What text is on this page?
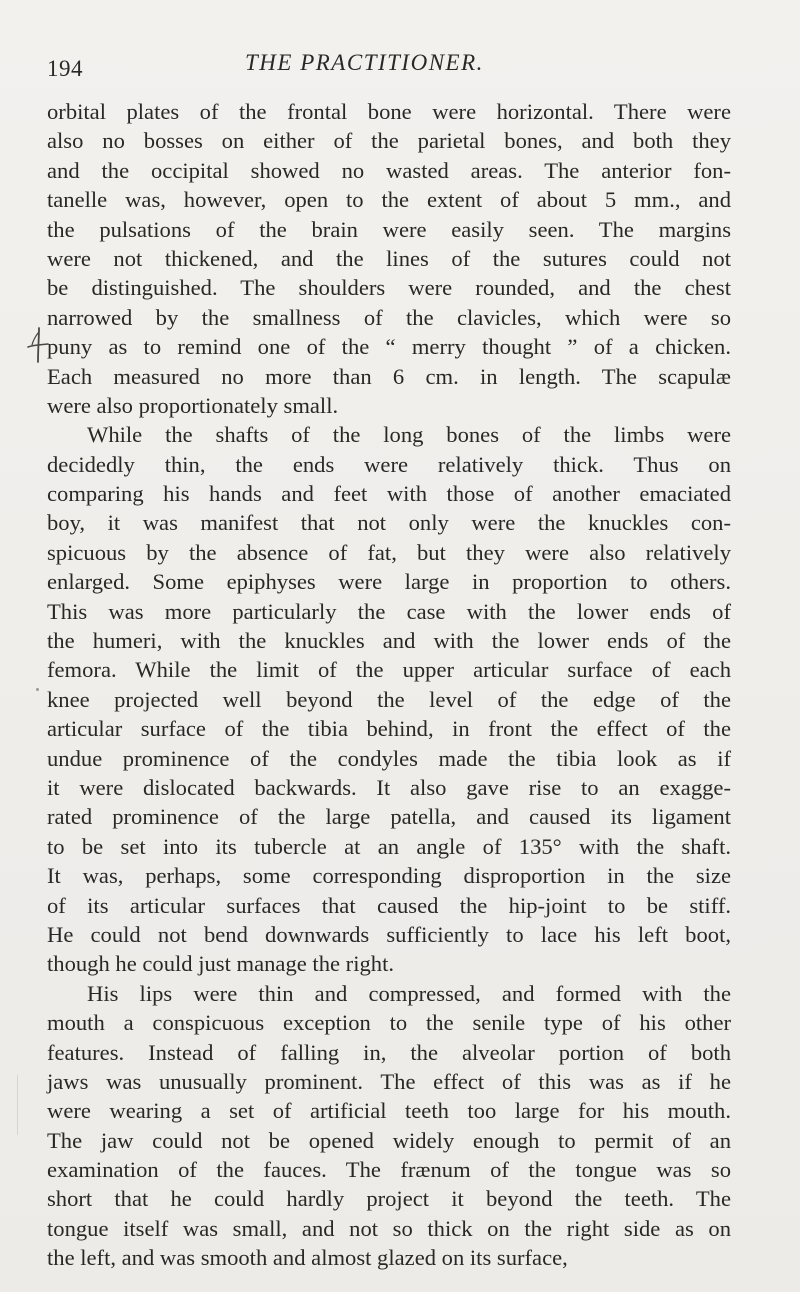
194	THE PRACTITIONER.
orbital plates of the frontal bone were horizontal. There were
also no bosses on either of the parietal bones, and both they
and the occipital showed no wasted areas. The anterior fon-
tanelle was, however, open to the extent of about 5 mm., and
the pulsations of the brain were easily seen. The margins
were not thickened, and the lines of the sutures could not
be distinguished. The shoulders were rounded, and the chest
narrowed by the smallness of the clavicles, which were so
puny as to remind one of the “ merry thought ” of a chicken.
Each measured no more than 6 cm. in length. The scapulæ
were also proportionately small.
While the shafts of the long bones of the limbs were
decidedly thin, the ends were relatively thick. Thus on
comparing his hands and feet with those of another emaciated
boy, it was manifest that not only were the knuckles con-
spicuous by the absence of fat, but they were also relatively
enlarged. Some epiphyses were large in proportion to others.
This was more particularly the case with the lower ends of
the humeri, with the knuckles and with the lower ends of the
femora. While the limit of the upper articular surface of each
knee projected well beyond the level of the edge of the
articular surface of the tibia behind, in front the effect of the
undue prominence of the condyles made the tibia look as if
it were dislocated backwards. It also gave rise to an exagge-
rated prominence of the large patella, and caused its ligament
to be set into its tubercle at an angle of 135° with the shaft.
It was, perhaps, some corresponding disproportion in the size
of its articular surfaces that caused the hip-joint to be stiff.
He could not bend downwards sufficiently to lace his left boot,
though he could just manage the right.
His lips were thin and compressed, and formed with the
mouth a conspicuous exception to the senile type of his other
features. Instead of falling in, the alveolar portion of both
jaws was unusually prominent. The effect of this was as if he
were wearing a set of artificial teeth too large for his mouth.
The jaw could not be opened widely enough to permit of an
examination of the fauces. The frænum of the tongue was so
short that he could hardly project it beyond the teeth. The
tongue itself was small, and not so thick on the right side as on
the left, and was smooth and almost glazed on its surface,
